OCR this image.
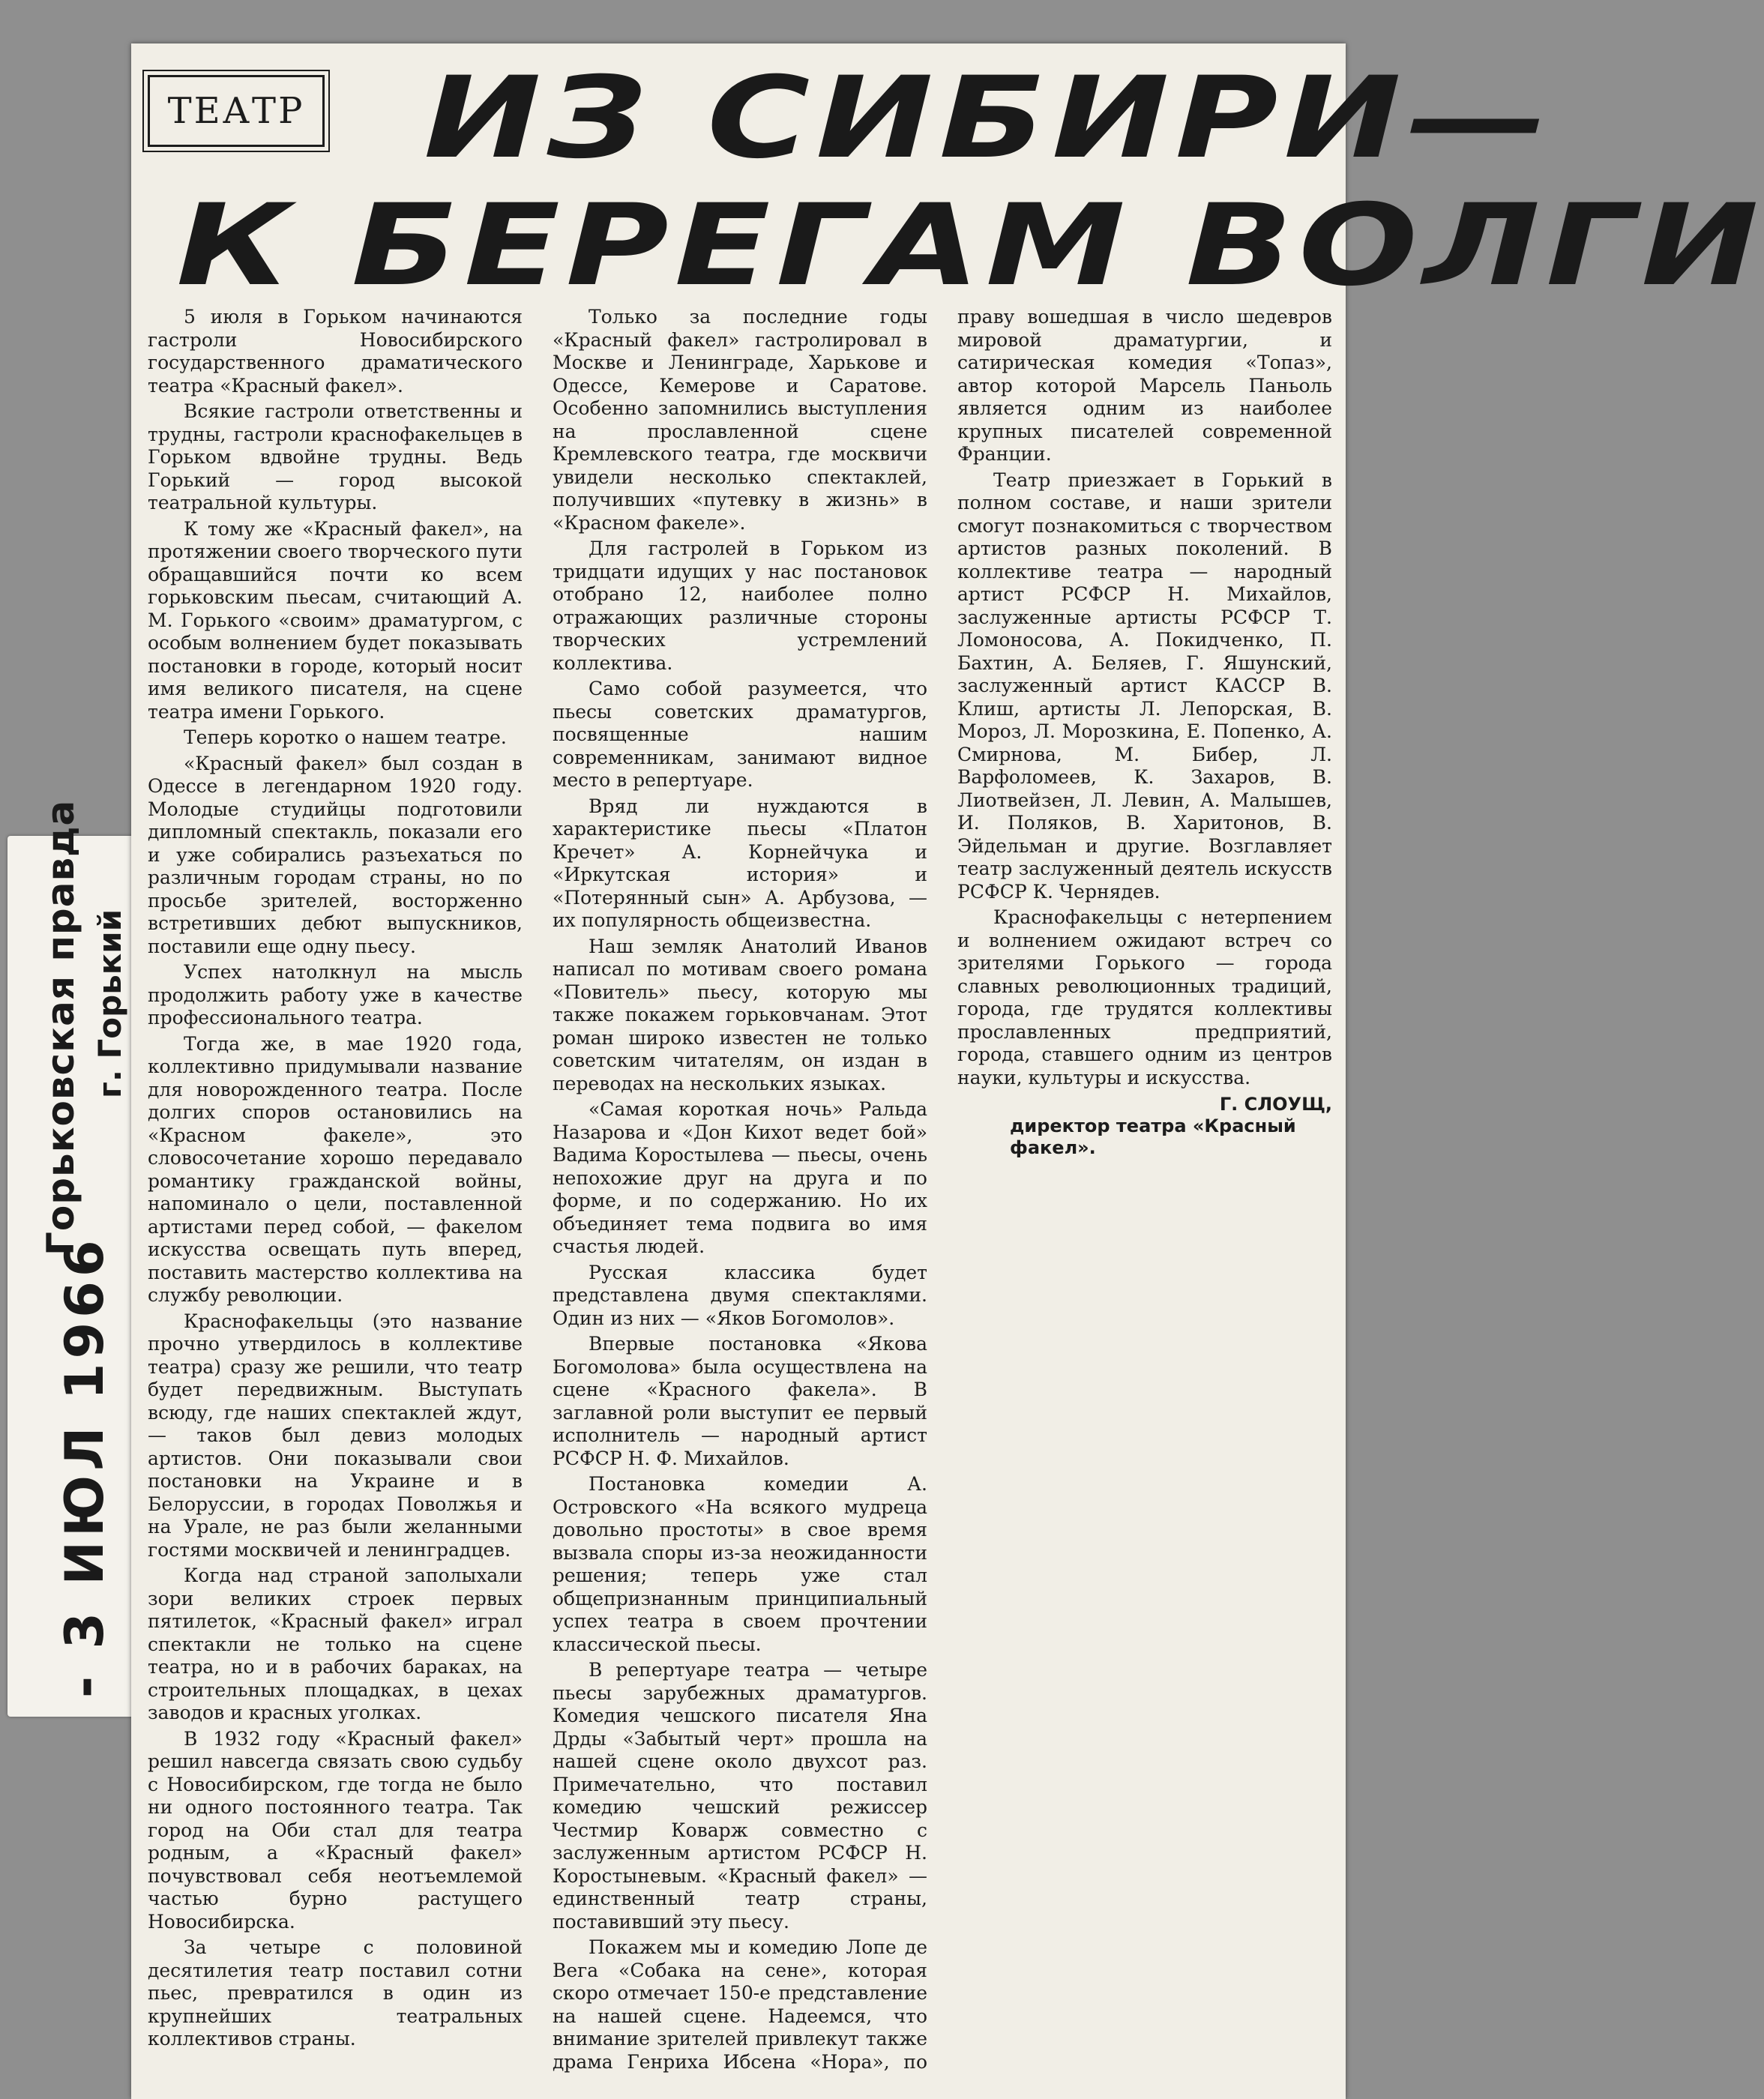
Горьковская правда г. Горький
- 3 ИЮЛ 1966
ТЕАТР ИЗ СИБИРИ—
К БЕРЕГАМ ВОЛГИ

5 июля в Горьком начинаются гастроли Новосибирского государственного драматического театра «Красный факел».

Всякие гастроли ответственны и трудны, гастроли краснофакельцев в Горьком вдвойне трудны. Ведь Горький — город высокой театральной культуры.

К тому же «Красный факел», на протяжении своего творческого пути обращавшийся почти ко всем горьковским пьесам, считающий А. М. Горького «своим» драматургом, с особым волнением будет показывать постановки в городе, который носит имя великого писателя, на сцене театра имени Горького.

Теперь коротко о нашем театре.

«Красный факел» был создан в Одессе в легендарном 1920 году. Молодые студийцы подготовили дипломный спектакль, показали его и уже собирались разъехаться по различным городам страны, но по просьбе зрителей, восторженно встретивших дебют выпускников, поставили еще одну пьесу.

Успех натолкнул на мысль продолжить работу уже в качестве профессионального театра.

Тогда же, в мае 1920 года, коллективно придумывали название для новорожденного театра. После долгих споров остановились на «Красном факеле», это словосочетание хорошо передавало романтику гражданской войны, напоминало о цели, поставленной артистами перед собой, — факелом искусства освещать путь вперед, поставить мастерство коллектива на службу революции.

Краснофакельцы (это название прочно утвердилось в коллективе театра) сразу же решили, что театр будет передвижным. Выступать всюду, где наших спектаклей ждут, — таков был девиз молодых артистов. Они показывали свои постановки на Украине и в Белоруссии, в городах Поволжья и на Урале, не раз были желанными гостями москвичей и ленинградцев.

Когда над страной заполыхали зори великих строек первых пятилеток, «Красный факел» играл спектакли не только на сцене театра, но и в рабочих бараках, на строительных площадках, в цехах заводов и красных уголках.

В 1932 году «Красный факел» решил навсегда связать свою судьбу с Новосибирском, где тогда не было ни одного постоянного театра. Так город на Оби стал для театра родным, а «Красный факел» почувствовал себя неотъемлемой частью бурно растущего Новосибирска.

За четыре с половиной десятилетия театр поставил сотни пьес, превратился в один из крупнейших театральных коллективов страны.

Только за последние годы «Красный факел» гастролировал в Москве и Ленинграде, Харькове и Одессе, Кемерове и Саратове. Особенно запомнились выступления на прославленной сцене Кремлевского театра, где москвичи увидели несколько спектаклей, получивших «путевку в жизнь» в «Красном факеле».

Для гастролей в Горьком из тридцати идущих у нас постановок отобрано 12, наиболее полно отражающих различные стороны творческих устремлений коллектива.

Само собой разумеется, что пьесы советских драматургов, посвященные нашим современникам, занимают видное место в репертуаре.

Вряд ли нуждаются в характеристике пьесы «Платон Кречет» А. Корнейчука и «Иркутская история» и «Потерянный сын» А. Арбузова, — их популярность общеизвестна.

Наш земляк Анатолий Иванов написал по мотивам своего романа «Повитель» пьесу, которую мы также покажем горьковчанам. Этот роман широко известен не только советским читателям, он издан в переводах на нескольких языках.

«Самая короткая ночь» Ральда Назарова и «Дон Кихот ведет бой» Вадима Коростылева — пьесы, очень непохожие друг на друга и по форме, и по содержанию. Но их объединяет тема подвига во имя счастья людей.

Русская классика будет представлена двумя спектаклями. Один из них — «Яков Богомолов».

Впервые постановка «Якова Богомолова» была осуществлена на сцене «Красного факела». В заглавной роли выступит ее первый исполнитель — народный артист РСФСР Н. Ф. Михайлов.

Постановка комедии А. Островского «На всякого мудреца довольно простоты» в свое время вызвала споры из-за неожиданности решения; теперь уже стал общепризнанным принципиальный успех театра в своем прочтении классической пьесы.

В репертуаре театра — четыре пьесы зарубежных драматургов. Комедия чешского писателя Яна Дрды «Забытый черт» прошла на нашей сцене около двухсот раз. Примечательно, что поставил комедию чешский режиссер Честмир Коварж совместно с заслуженным артистом РСФСР Н. Коростыневым. «Красный факел» — единственный театр страны, поставивший эту пьесу.

Покажем мы и комедию Лопе де Вега «Собака на сене», которая скоро отмечает 150-е представление на нашей сцене. Надеемся, что внимание зрителей привлекут также драма Генриха Ибсена «Нора», по праву вошедшая в число шедевров мировой драматургии, и сатирическая комедия «Топаз», автор которой Марсель Паньоль является одним из наиболее крупных писателей современной Франции.

Театр приезжает в Горький в полном составе, и наши зрители смогут познакомиться с творчеством артистов разных поколений. В коллективе театра — народный артист РСФСР Н. Михайлов, заслуженные артисты РСФСР Т. Ломоносова, А. Покидченко, П. Бахтин, А. Беляев, Г. Яшунский, заслуженный артист КАССР В. Клиш, артисты Л. Лепорская, В. Мороз, Л. Морозкина, Е. Попенко, А. Смирнова, М. Бибер, Л. Варфоломеев, К. Захаров, В. Лиотвейзен, Л. Левин, А. Малышев, И. Поляков, В. Харитонов, В. Эйдельман и другие. Возглавляет театр заслуженный деятель искусств РСФСР К. Чернядев.

Краснофакельцы с нетерпением и волнением ожидают встреч со зрителями Горького — города славных революционных традиций, города, где трудятся коллективы прославленных предприятий, города, ставшего одним из центров науки, культуры и искусства.

Г. СЛОУЩ,
директор театра «Красный факел».
